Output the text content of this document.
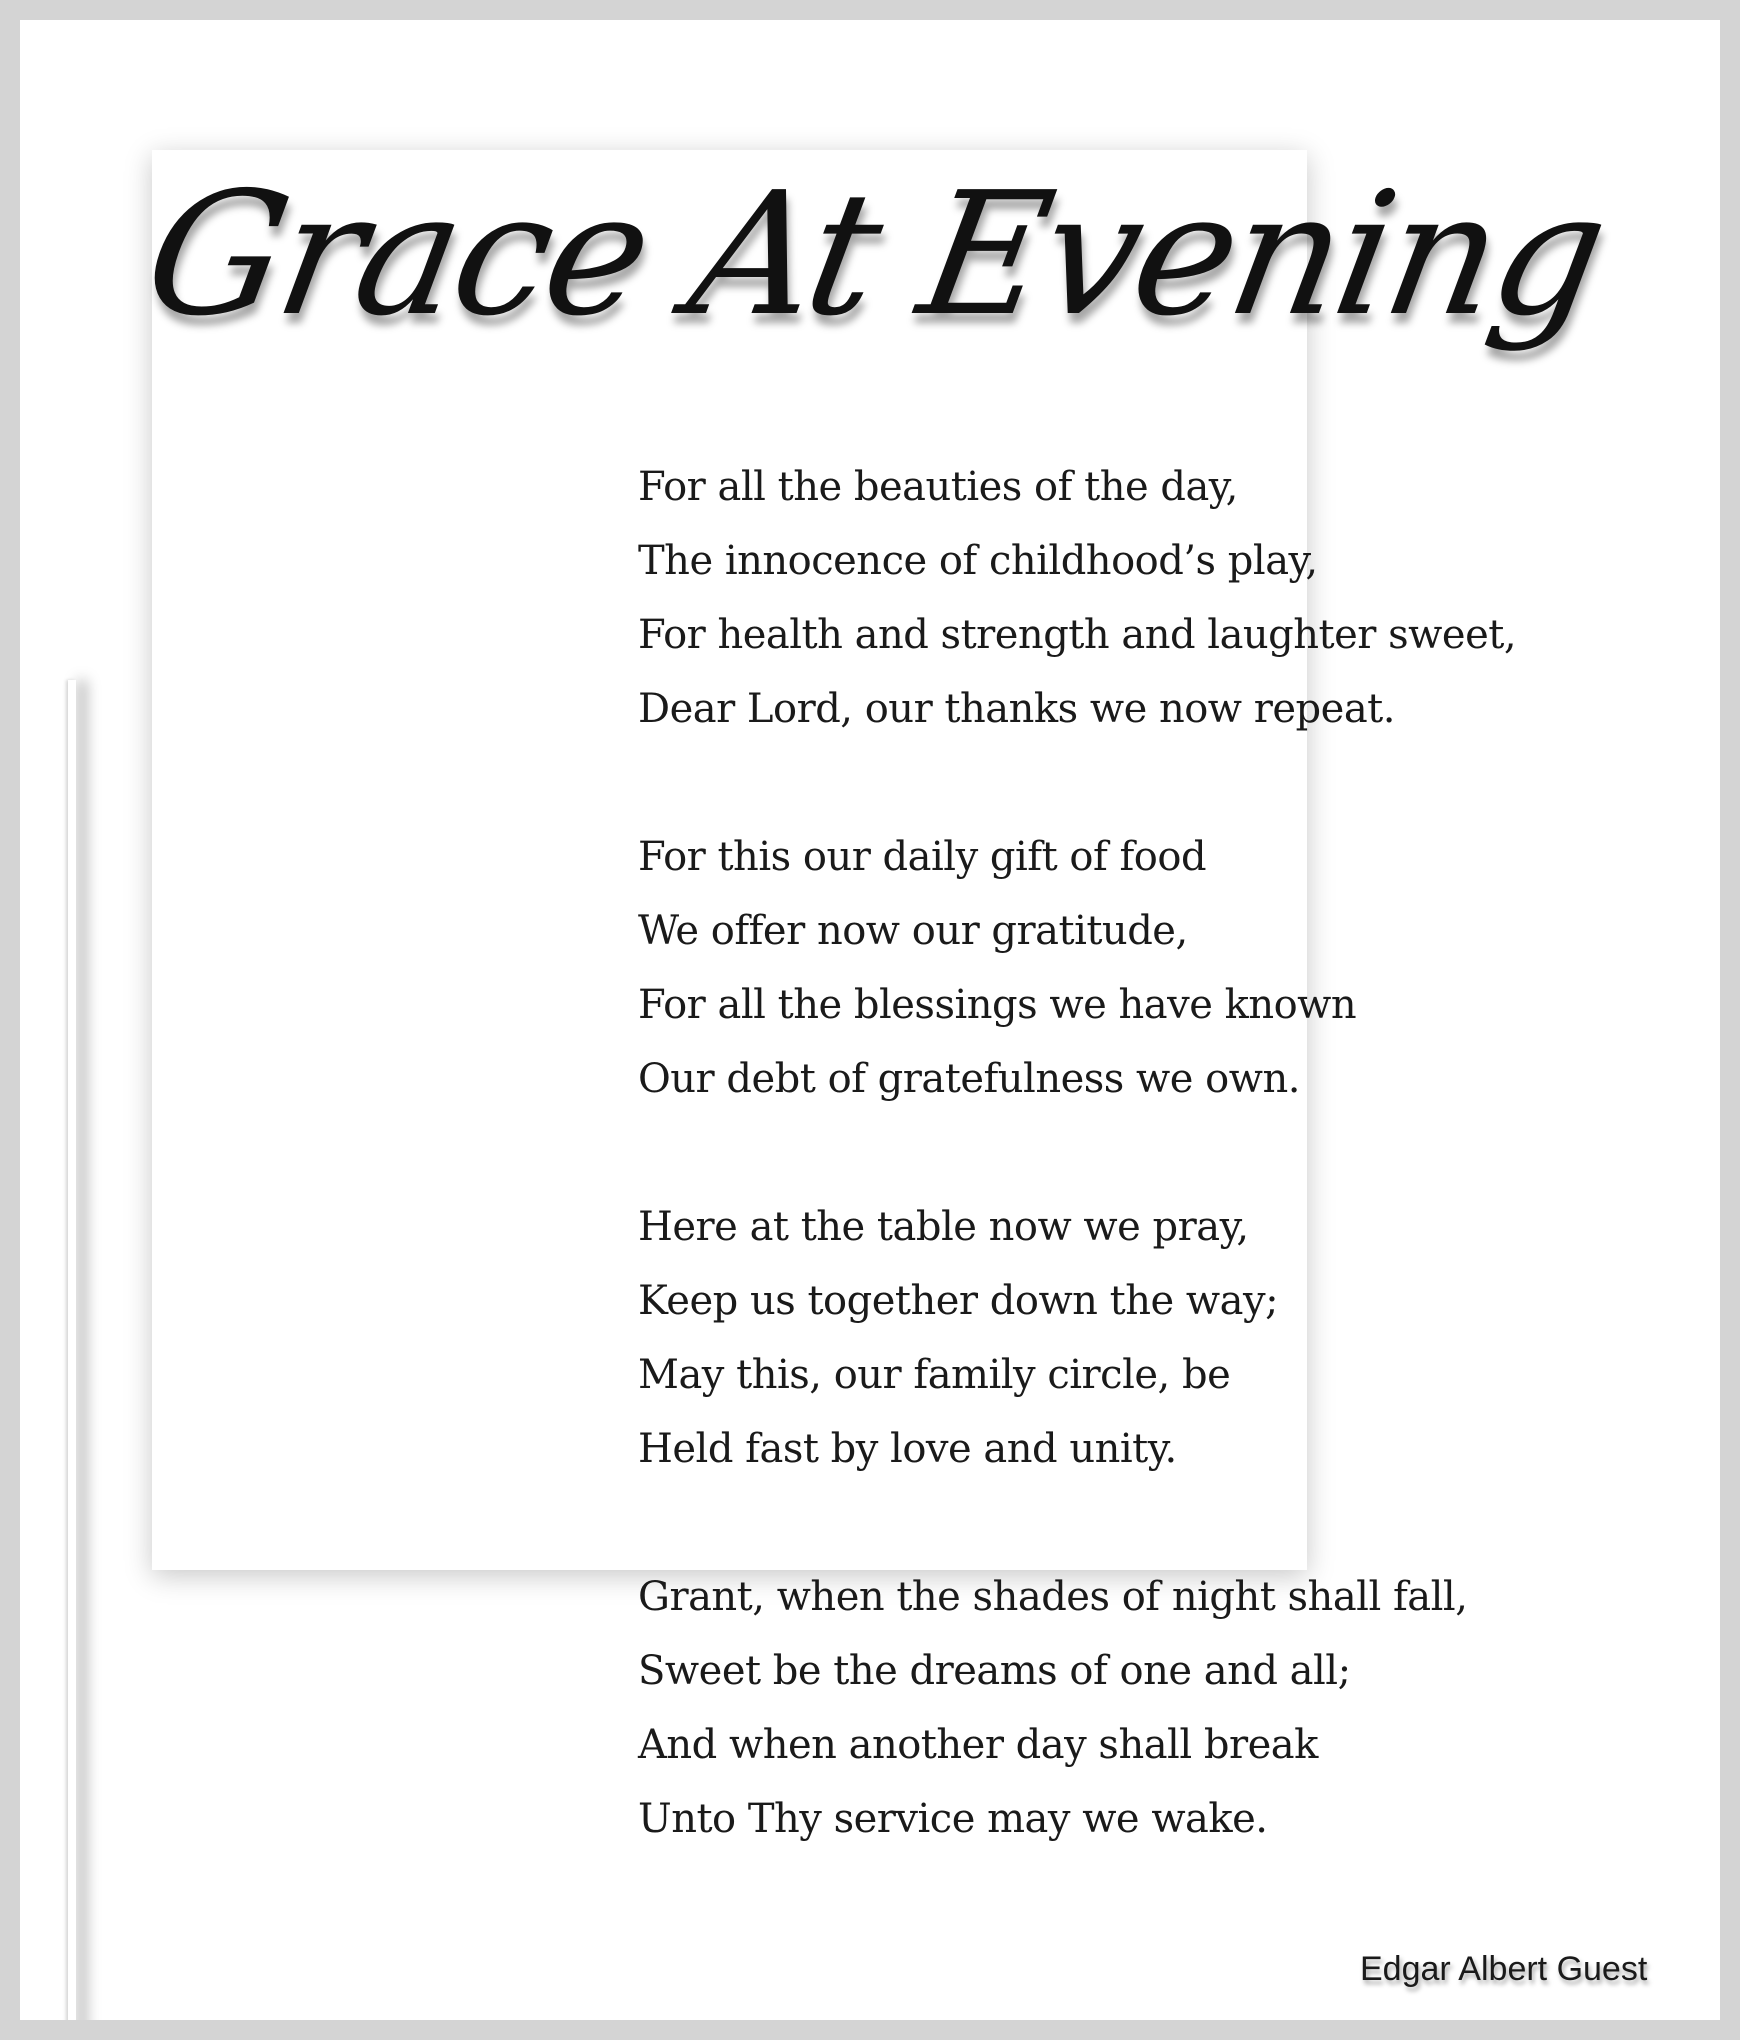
Grace At Evening
For all the beauties of the day,
The innocence of childhood’s play,
For health and strength and laughter sweet,
Dear Lord, our thanks we now repeat.
For this our daily gift of food
We offer now our gratitude,
For all the blessings we have known
Our debt of gratefulness we own.
Here at the table now we pray,
Keep us together down the way;
May this, our family circle, be
Held fast by love and unity.
Grant, when the shades of night shall fall,
Sweet be the dreams of one and all;
And when another day shall break
Unto Thy service may we wake.
Edgar Albert Guest
